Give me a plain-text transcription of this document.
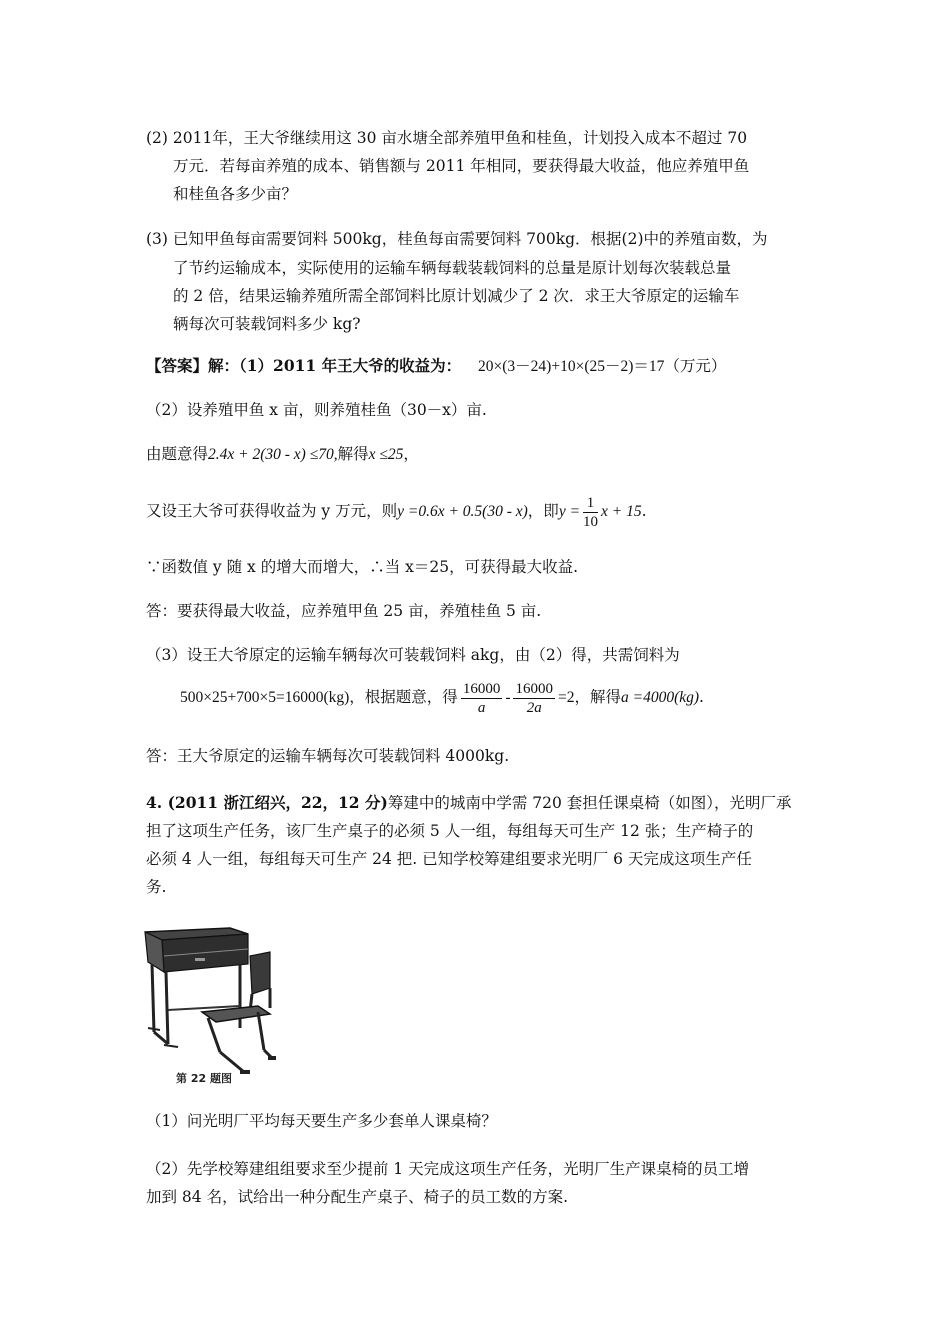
(2) 2011年，王大爷继续用这 30 亩水塘全部养殖甲鱼和桂鱼，计划投入成本不超过 70
万元．若每亩养殖的成本、销售额与 2011 年相同，要获得最大收益，他应养殖甲鱼
和桂鱼各多少亩？
(3) 已知甲鱼每亩需要饲料 500kg，桂鱼每亩需要饲料 700kg．根据(2)中的养殖亩数，为
了节约运输成本，实际使用的运输车辆每载装载饲料的总量是原计划每次装载总量
的 2 倍，结果运输养殖所需全部饲料比原计划减少了 2 次．求王大爷原定的运输车
辆每次可装载饲料多少 kg?
【答案】解：（1）2011 年王大爷的收益为： 20×(3－24)+10×(25－2)＝17（万元）
（2）设养殖甲鱼 x 亩，则养殖桂鱼（30－x）亩.
由题意得2.4x + 2(30 - x) ≤70,解得x ≤25，
又设王大爷可获得收益为 y 万元，则y =0.6x + 0.5(30 - x)，即$y = \frac{1}{10}$ x + 15.
∵函数值 y 随 x 的增大而增大，∴当 x＝25，可获得最大收益.
答：要获得最大收益，应养殖甲鱼 25 亩，养殖桂鱼 5 亩.
（3）设王大爷原定的运输车辆每次可装载饲料 akg，由（2）得，共需饲料为
500×25+700×5=16000(kg)，根据题意，得 $\frac{16000}{a} - \frac{16000}{2a} =2$，解得a =4000(kg).
答：王大爷原定的运输车辆每次可装载饲料 4000kg.
4. (2011 浙江绍兴，22，12 分)筹建中的城南中学需 720 套担任课桌椅（如图），光明厂承
担了这项生产任务，该厂生产桌子的必须 5 人一组，每组每天可生产 12 张；生产椅子的
必须 4 人一组，每组每天可生产 24 把. 已知学校筹建组要求光明厂 6 天完成这项生产任
务.
第 22 题图
（1）问光明厂平均每天要生产多少套单人课桌椅？
（2）先学校筹建组组要求至少提前 1 天完成这项生产任务，光明厂生产课桌椅的员工增
加到 84 名，试给出一种分配生产桌子、椅子的员工数的方案.
